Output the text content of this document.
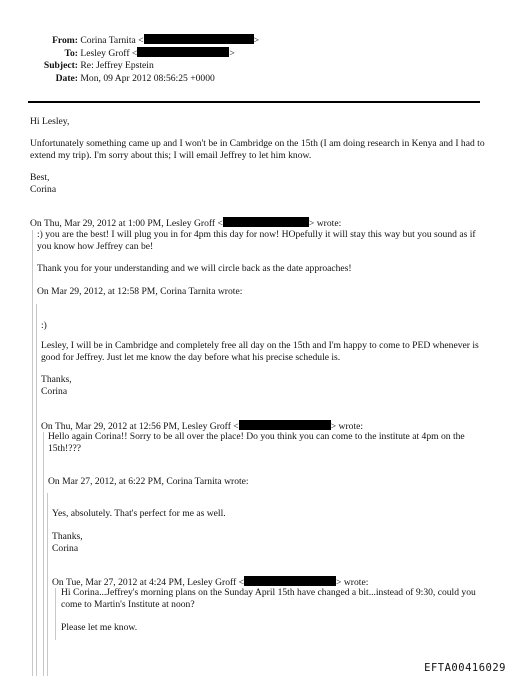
From: Corina Tarnita <	>
To: Lesley Groff <	>
Subject: Re: Jeffrey Epstein
Date: Mon, 09 Apr 2012 08:56:25 +0000
Hi Lesley,
Unfortunately something came up and I won't be in Cambridge on the 15th (I am doing research in Kenya and I had to extend my trip). I'm sorry about this; I will email Jeffrey to let him know.
Best,
Corina
On Thu, Mar 29, 2012 at 1:00 PM, Lesley Groff <	> wrote:
:) you are the best! I will plug you in for 4pm this day for now! HOpefully it will stay this way but you sound as if you know how Jeffrey can be!
Thank you for your understanding and we will circle back as the date approaches!
On Mar 29, 2012, at 12:58 PM, Corina Tarnita wrote:
:)
Lesley, I will be in Cambridge and completely free all day on the 15th and I'm happy to come to PED whenever is good for Jeffrey. Just let me know the day before what his precise schedule is.
Thanks,
Corina
On Thu, Mar 29, 2012 at 12:56 PM, Lesley Groff <	> wrote:
Hello again Corina!! Sorry to be all over the place! Do you think you can come to the institute at 4pm on the 15th!???
On Mar 27, 2012, at 6:22 PM, Corina Tarnita wrote:
Yes, absolutely. That's perfect for me as well.
Thanks,
Corina
On Tue, Mar 27, 2012 at 4:24 PM, Lesley Groff <	> wrote:
Hi Corina...Jeffrey's morning plans on the Sunday April 15th have changed a bit...instead of 9:30, could you come to Martin's Institute at noon?
Please let me know.
EFTA00416029
